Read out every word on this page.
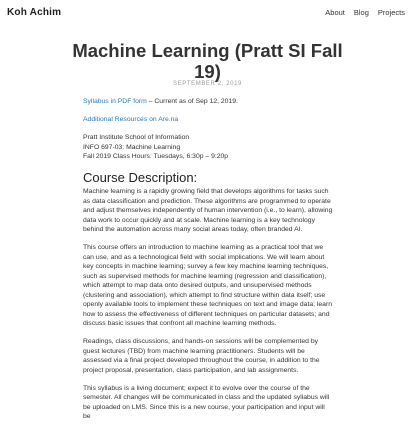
Koh Achim	About Blog Projects
Machine Learning (Pratt SI Fall 19)
SEPTEMBER 2, 2019

Syllabus in PDF form – Current as of Sep 12, 2019.

Additional Resources on Are.na

Pratt Institute School of Information
INFO 697-03: Machine Learning
Fall 2019 Class Hours: Tuesdays, 6:30p – 9:20p

Course Description:

Machine learning is a rapidly growing field that develops algorithms for tasks such as data classification and prediction. These algorithms are programmed to operate and adjust themselves independently of human intervention (i.e., to learn), allowing data work to occur quickly and at scale. Machine learning is a key technology behind the automation across many social areas today, often branded AI.

This course offers an introduction to machine learning as a practical tool that we can use, and as a technological field with social implications. We will learn about key concepts in machine learning; survey a few key machine learning techniques, such as supervised methods for machine learning (regression and classification), which attempt to map data onto desired outputs, and unsupervised methods (clustering and association), which attempt to find structure within data itself; use openly available tools to implement these techniques on text and image data; learn how to assess the effectiveness of different techniques on particular datasets; and discuss basic issues that confront all machine learning methods.

Readings, class discussions, and hands-on sessions will be complemented by guest lectures (TBD) from machine learning practitioners. Students will be assessed via a final project developed throughout the course, in addition to the project proposal, presentation, class participation, and lab assignments.

This syllabus is a living document; expect it to evolve over the course of the semester. All changes will be communicated in class and the updated syllabus will be uploaded on LMS. Since this is a new course, your participation and input will be
